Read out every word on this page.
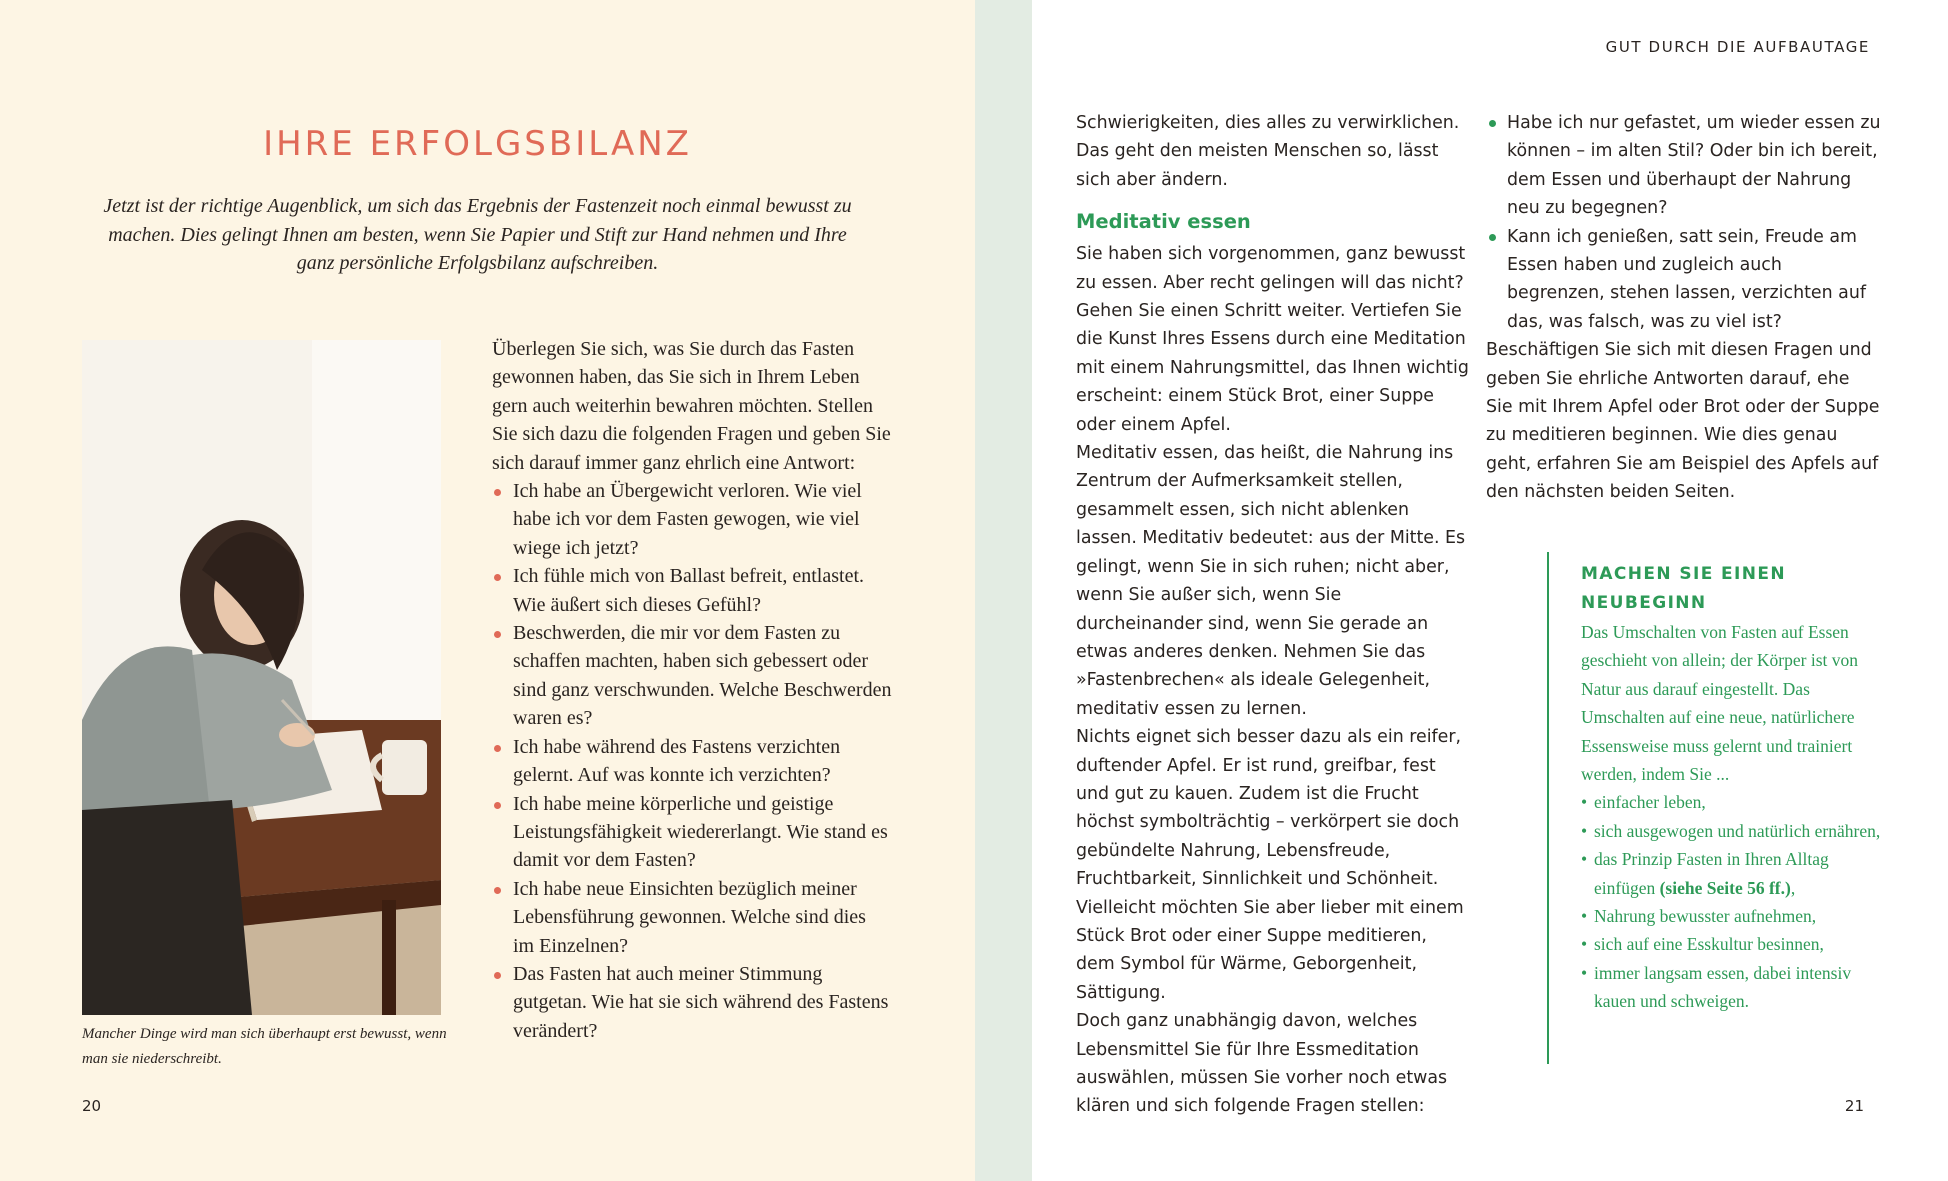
IHRE ERFOLGSBILANZ

Jetzt ist der richtige Augenblick, um sich das Ergebnis der Fastenzeit noch einmal bewusst zu machen. Dies gelingt Ihnen am besten, wenn Sie Papier und Stift zur Hand nehmen und Ihre ganz persönliche Erfolgsbilanz aufschreiben.

Mancher Dinge wird man sich überhaupt erst bewusst, wenn man sie niederschreibt.

Überlegen Sie sich, was Sie durch das Fasten gewonnen haben, das Sie sich in Ihrem Leben gern auch weiterhin bewahren möchten. Stellen Sie sich dazu die folgenden Fragen und geben Sie sich darauf immer ganz ehrlich eine Antwort:

Ich habe an Übergewicht verloren. Wie viel habe ich vor dem Fasten gewogen, wie viel wiege ich jetzt?
Ich fühle mich von Ballast befreit, entlastet. Wie äußert sich dieses Gefühl?
Beschwerden, die mir vor dem Fasten zu schaffen machten, haben sich gebessert oder sind ganz verschwunden. Welche Beschwerden waren es?
Ich habe während des Fastens verzichten gelernt. Auf was konnte ich verzichten?
Ich habe meine körperliche und geistige Leistungsfähigkeit wiedererlangt. Wie stand es damit vor dem Fasten?
Ich habe neue Einsichten bezüglich meiner Lebensführung gewonnen. Welche sind dies im Einzelnen?
Das Fasten hat auch meiner Stimmung gutgetan. Wie hat sie sich während des Fastens verändert?
20
GUT DURCH DIE AUFBAUTAGE

Schwierigkeiten, dies alles zu verwirklichen. Das geht den meisten Menschen so, lässt sich aber ändern.

Meditativ essen

Sie haben sich vorgenommen, ganz bewusst zu essen. Aber recht gelingen will das nicht? Gehen Sie einen Schritt weiter. Vertiefen Sie die Kunst Ihres Essens durch eine Meditation mit einem Nahrungsmittel, das Ihnen wichtig erscheint: einem Stück Brot, einer Suppe oder einem Apfel.

Meditativ essen, das heißt, die Nahrung ins Zentrum der Aufmerksamkeit stellen, gesammelt essen, sich nicht ablenken lassen. Meditativ bedeutet: aus der Mitte. Es gelingt, wenn Sie in sich ruhen; nicht aber, wenn Sie außer sich, wenn Sie durcheinander sind, wenn Sie gerade an etwas anderes denken. Nehmen Sie das »Fastenbrechen« als ideale Gelegenheit, meditativ essen zu lernen.

Nichts eignet sich besser dazu als ein reifer, duftender Apfel. Er ist rund, greifbar, fest und gut zu kauen. Zudem ist die Frucht höchst symbolträchtig – verkörpert sie doch gebündelte Nahrung, Lebensfreude, Fruchtbarkeit, Sinnlichkeit und Schönheit. Vielleicht möchten Sie aber lieber mit einem Stück Brot oder einer Suppe meditieren, dem Symbol für Wärme, Geborgenheit, Sättigung.

Doch ganz unabhängig davon, welches Lebensmittel Sie für Ihre Essmeditation auswählen, müssen Sie vorher noch etwas klären und sich folgende Fragen stellen:

Habe ich nur gefastet, um wieder essen zu können – im alten Stil? Oder bin ich bereit, dem Essen und überhaupt der Nahrung neu zu begegnen?
Kann ich genießen, satt sein, Freude am Essen haben und zugleich auch begrenzen, stehen lassen, verzichten auf das, was falsch, was zu viel ist?

Beschäftigen Sie sich mit diesen Fragen und geben Sie ehrliche Antworten darauf, ehe Sie mit Ihrem Apfel oder Brot oder der Suppe zu meditieren beginnen. Wie dies genau geht, erfahren Sie am Beispiel des Apfels auf den nächsten beiden Seiten.

MACHEN SIE EINEN NEUBEGINN

Das Umschalten von Fasten auf Essen geschieht von allein; der Körper ist von Natur aus darauf eingestellt. Das Umschalten auf eine neue, natürlichere Essensweise muss gelernt und trainiert werden, indem Sie ...

• einfacher leben,
• sich ausgewogen und natürlich ernähren,
• das Prinzip Fasten in Ihren Alltag einfügen (siehe Seite 56 ff.),
• Nahrung bewusster aufnehmen,
• sich auf eine Esskultur besinnen,
• immer langsam essen, dabei intensiv kauen und schweigen.
21
